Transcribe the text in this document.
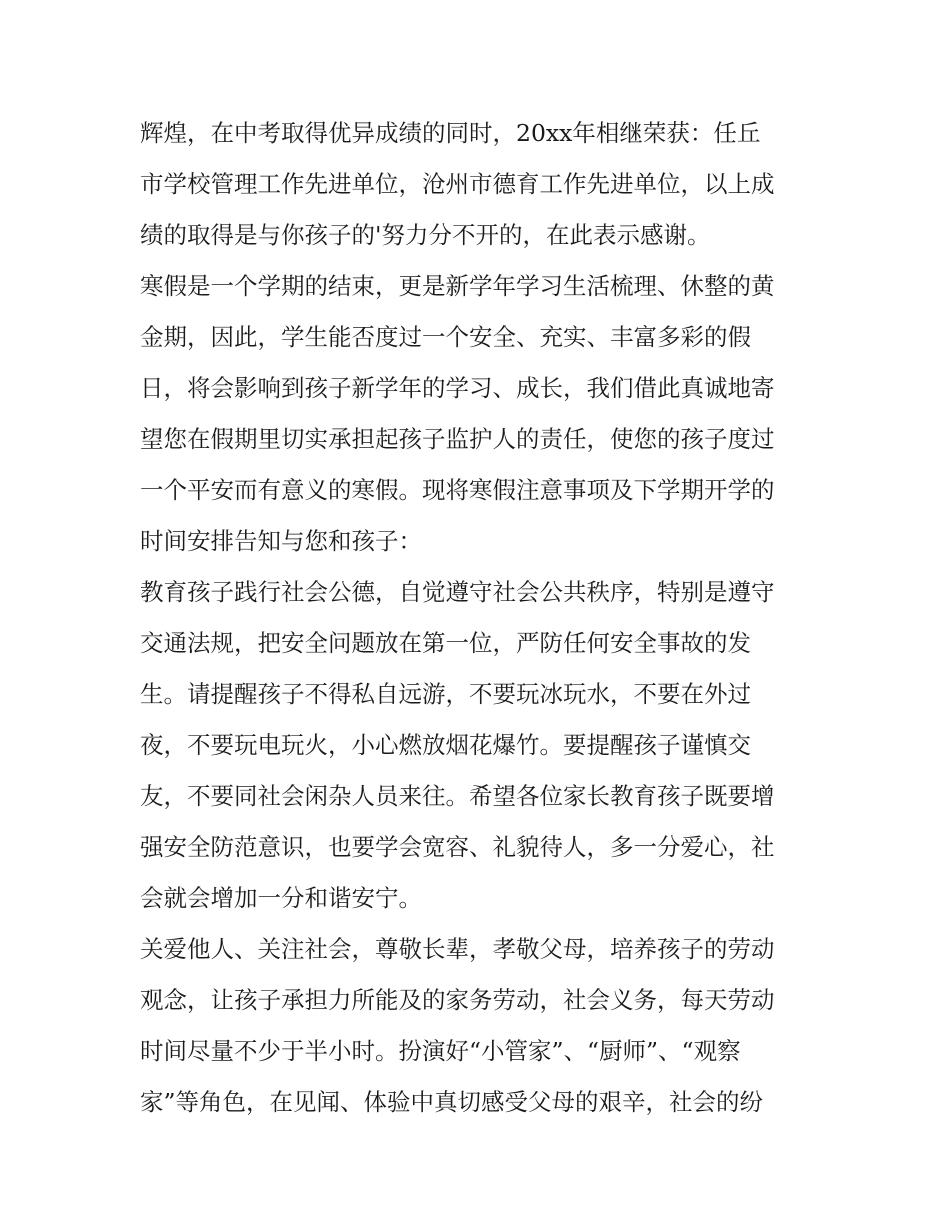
辉煌，在中考取得优异成绩的同时，20xx年相继荣获：任丘
市学校管理工作先进单位，沧州市德育工作先进单位，以上成
绩的取得是与你孩子的'努力分不开的，在此表示感谢。
寒假是一个学期的结束，更是新学年学习生活梳理、休整的黄
金期，因此，学生能否度过一个安全、充实、丰富多彩的假
日，将会影响到孩子新学年的学习、成长，我们借此真诚地寄
望您在假期里切实承担起孩子监护人的责任，使您的孩子度过
一个平安而有意义的寒假。现将寒假注意事项及下学期开学的
时间安排告知与您和孩子：
教育孩子践行社会公德，自觉遵守社会公共秩序，特别是遵守
交通法规，把安全问题放在第一位，严防任何安全事故的发
生。请提醒孩子不得私自远游，不要玩冰玩水，不要在外过
夜，不要玩电玩火，小心燃放烟花爆竹。要提醒孩子谨慎交
友，不要同社会闲杂人员来往。希望各位家长教育孩子既要增
强安全防范意识，也要学会宽容、礼貌待人，多一分爱心，社
会就会增加一分和谐安宁。
关爱他人、关注社会，尊敬长辈，孝敬父母，培养孩子的劳动
观念，让孩子承担力所能及的家务劳动，社会义务，每天劳动
时间尽量不少于半小时。扮演好“小管家”、“厨师”、“观察
家”等角色，在见闻、体验中真切感受父母的艰辛，社会的纷
